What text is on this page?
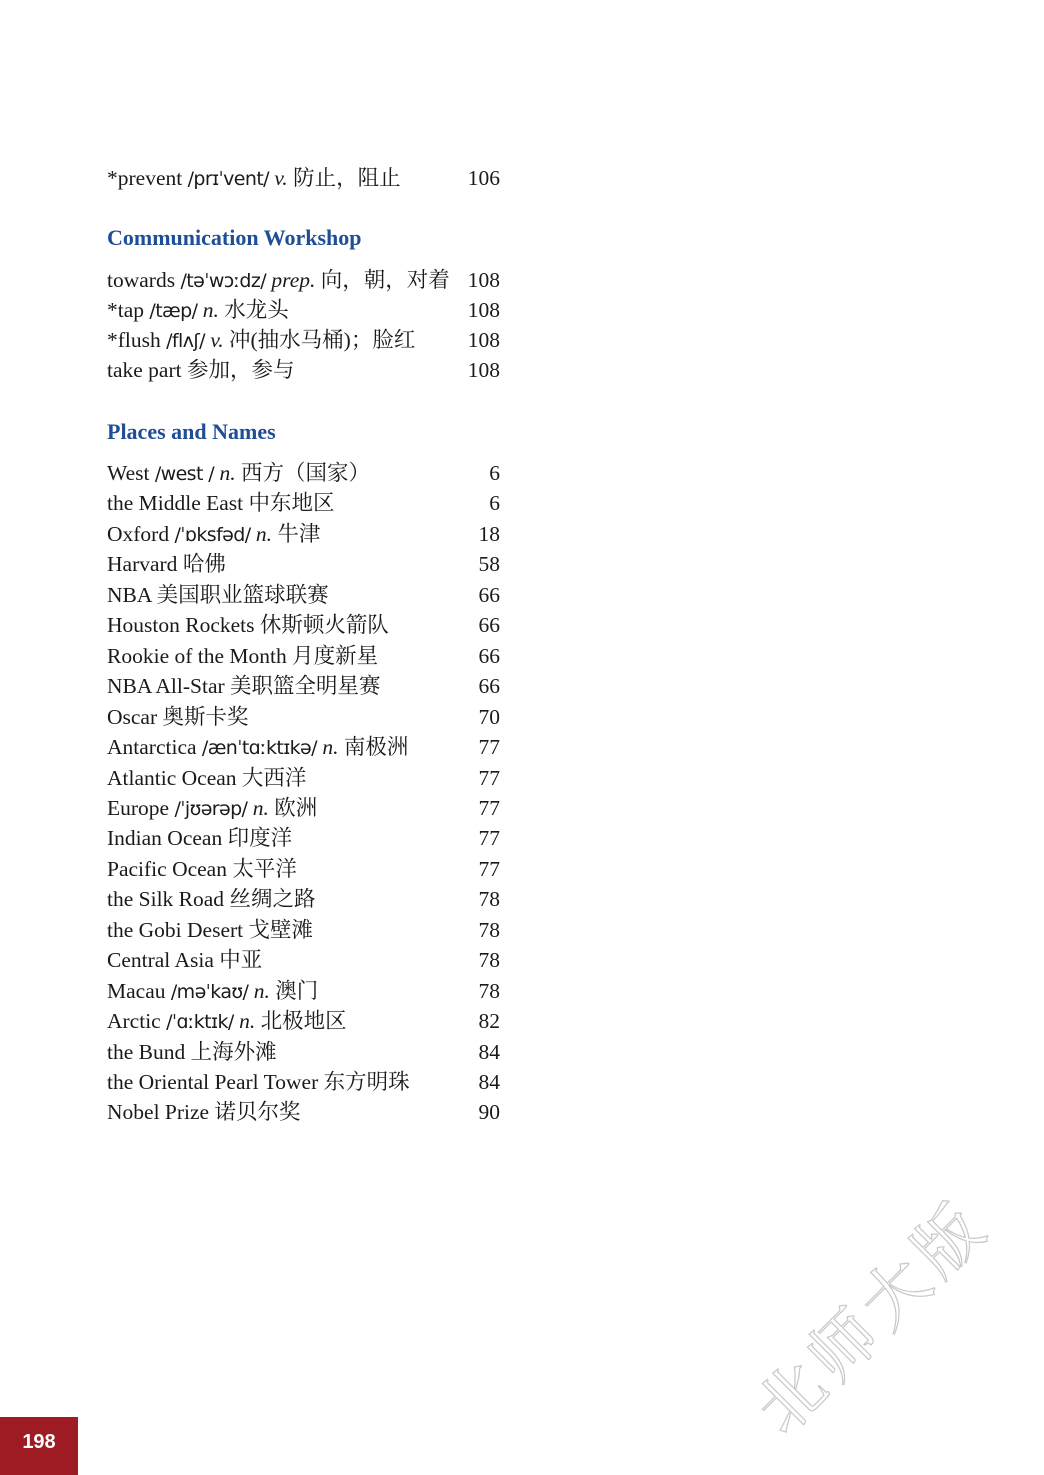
*prevent /prɪˈvent/ v. 防止，阻止	106
Communication Workshop
towards /təˈwɔːdz/ prep. 向，朝，对着 108
*tap /tæp/ n. 水龙头	108
*flush /flʌʃ/ v. 冲(抽水马桶)；脸红 108
take part 参加，参与	108
Places and Names
West /west / n. 西方（国家）	6
the Middle East 中东地区	6
Oxford /ˈɒksfəd/ n. 牛津	18
Harvard 哈佛	58
NBA 美国职业篮球联赛	66
Houston Rockets 休斯顿火箭队	66
Rookie of the Month 月度新星	66
NBA All-Star 美职篮全明星赛	66
Oscar 奥斯卡奖	70
Antarctica /ænˈtɑːktɪkə/ n. 南极洲	77
Atlantic Ocean 大西洋	77
Europe /ˈjʊərəp/ n. 欧洲	77
Indian Ocean 印度洋	77
Pacific Ocean 太平洋	77
the Silk Road 丝绸之路	78
the Gobi Desert 戈壁滩	78
Central Asia 中亚	78
Macau /məˈkaʊ/ n. 澳门	78
Arctic /ˈɑːktɪk/ n. 北极地区	82
the Bund 上海外滩	84
the Oriental Pearl Tower 东方明珠	84
Nobel Prize 诺贝尔奖	90
北师大版
198
